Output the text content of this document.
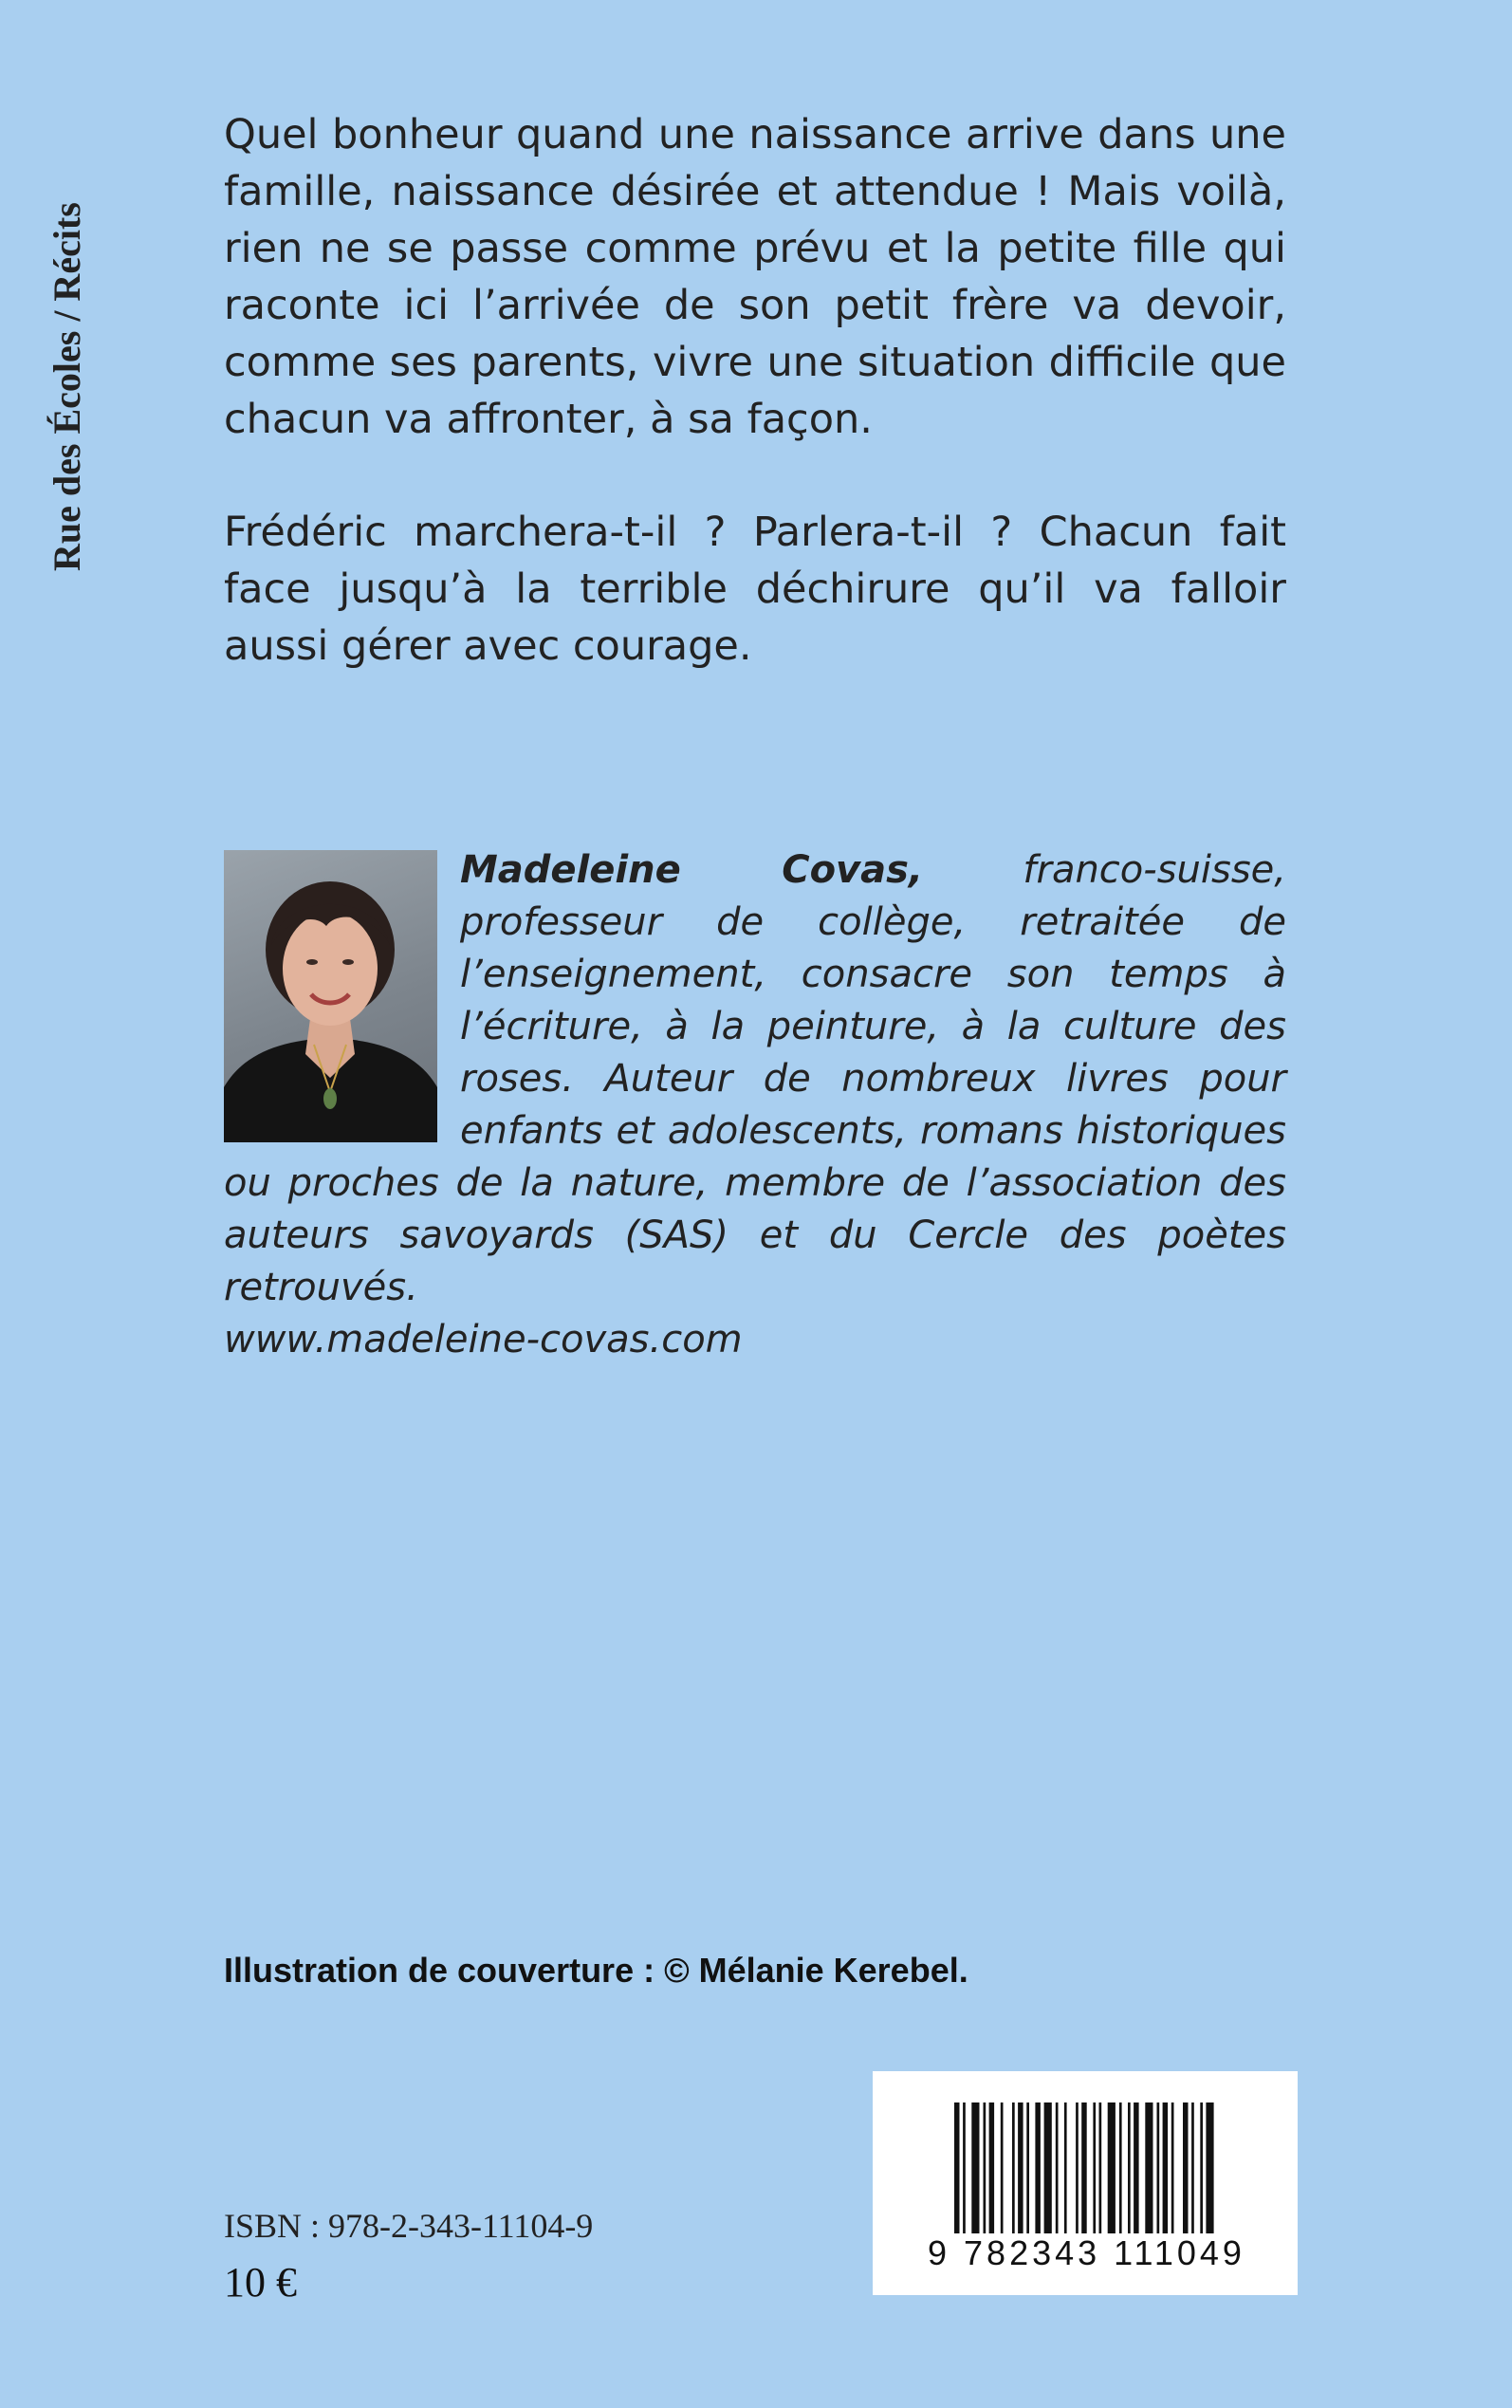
Rue des Écoles / Récits

Quel bonheur quand une naissance arrive dans une famille, naissance désirée et attendue ! Mais voilà, rien ne se passe comme prévu et la petite fille qui raconte ici l’arrivée de son petit frère va devoir, comme ses parents, vivre une situation difficile que chacun va affronter, à sa façon.

Frédéric marchera-t-il ? Parlera-t-il ? Chacun fait face jusqu’à la terrible déchirure qu’il va falloir aussi gérer avec courage.

Madeleine Covas, franco-suisse, professeur de collège, retraitée de l’enseignement, consacre son temps à l’écriture, à la peinture, à la culture des roses. Auteur de nombreux livres pour enfants et adolescents, romans historiques ou proches de la nature, membre de l’association des auteurs savoyards (SAS) et du Cercle des poètes retrouvés.

www.madeleine-covas.com
Illustration de couverture : © Mélanie Kerebel.
9 782343 111049
ISBN : 978-2-343-11104-9
10 €
